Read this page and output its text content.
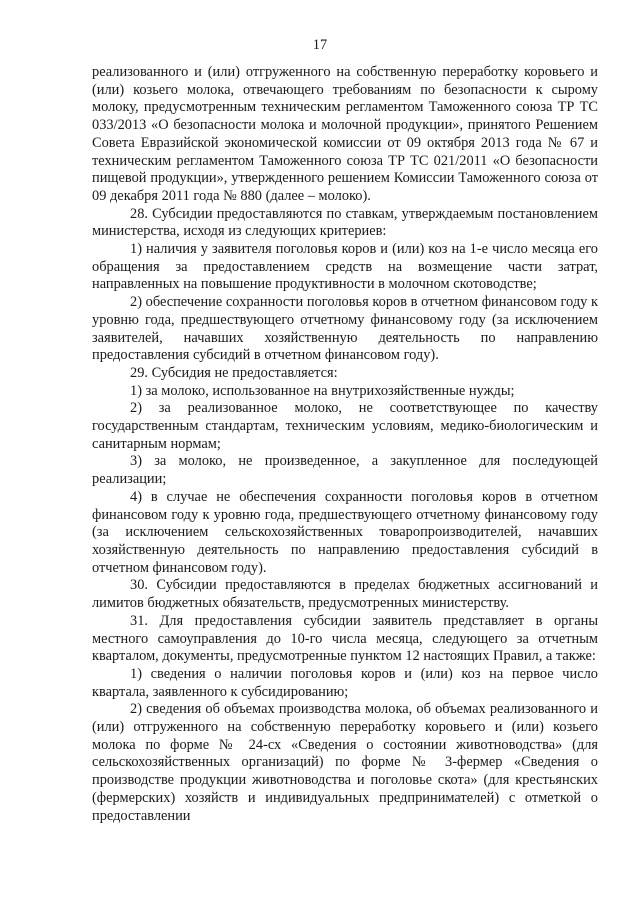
17

реализованного и (или) отгруженного на собственную переработку коровьего и (или) козьего молока, отвечающего требованиям по безопасности к сырому молоку, предусмотренным техническим регламентом Таможенного союза ТР ТС 033/2013 «О безопасности молока и молочной продукции», принятого Решением Совета Евразийской экономической комиссии от 09 октября 2013 года № 67 и техническим регламентом Таможенного союза ТР ТС 021/2011 «О безопасности пищевой продукции», утвержденного решением Комиссии Таможенного союза от 09 декабря 2011 года № 880 (далее – молоко).

28. Субсидии предоставляются по ставкам, утверждаемым постановлением министерства, исходя из следующих критериев:

1) наличия у заявителя поголовья коров и (или) коз на 1-е число месяца его обращения за предоставлением средств на возмещение части затрат, направленных на повышение продуктивности в молочном скотоводстве;

2) обеспечение сохранности поголовья коров в отчетном финансовом году к уровню года, предшествующего отчетному финансовому году (за исключением заявителей, начавших хозяйственную деятельность по направлению предоставления субсидий в отчетном финансовом году).

29. Субсидия не предоставляется:

1) за молоко, использованное на внутрихозяйственные нужды;

2) за реализованное молоко, не соответствующее по качеству государственным стандартам, техническим условиям, медико-биологическим и санитарным нормам;

3) за молоко, не произведенное, а закупленное для последующей реализации;

4) в случае не обеспечения сохранности поголовья коров в отчетном финансовом году к уровню года, предшествующего отчетному финансовому году (за исключением сельскохозяйственных товаропроизводителей, начавших хозяйственную деятельность по направлению предоставления субсидий в отчетном финансовом году).

30. Субсидии предоставляются в пределах бюджетных ассигнований и лимитов бюджетных обязательств, предусмотренных министерству.

31. Для предоставления субсидии заявитель представляет в органы местного самоуправления до 10-го числа месяца, следующего за отчетным кварталом, документы, предусмотренные пунктом 12 настоящих Правил, а также:

1) сведения о наличии поголовья коров и (или) коз на первое число квартала, заявленного к субсидированию;

2) сведения об объемах производства молока, об объемах реализованного и (или) отгруженного на собственную переработку коровьего и (или) козьего молока по форме № 24-сх «Сведения о состоянии животноводства» (для сельскохозяйственных организаций) по форме № 3-фермер «Сведения о производстве продукции животноводства и поголовье скота» (для крестьянских (фермерских) хозяйств и индивидуальных предпринимателей) с отметкой о предоставлении
